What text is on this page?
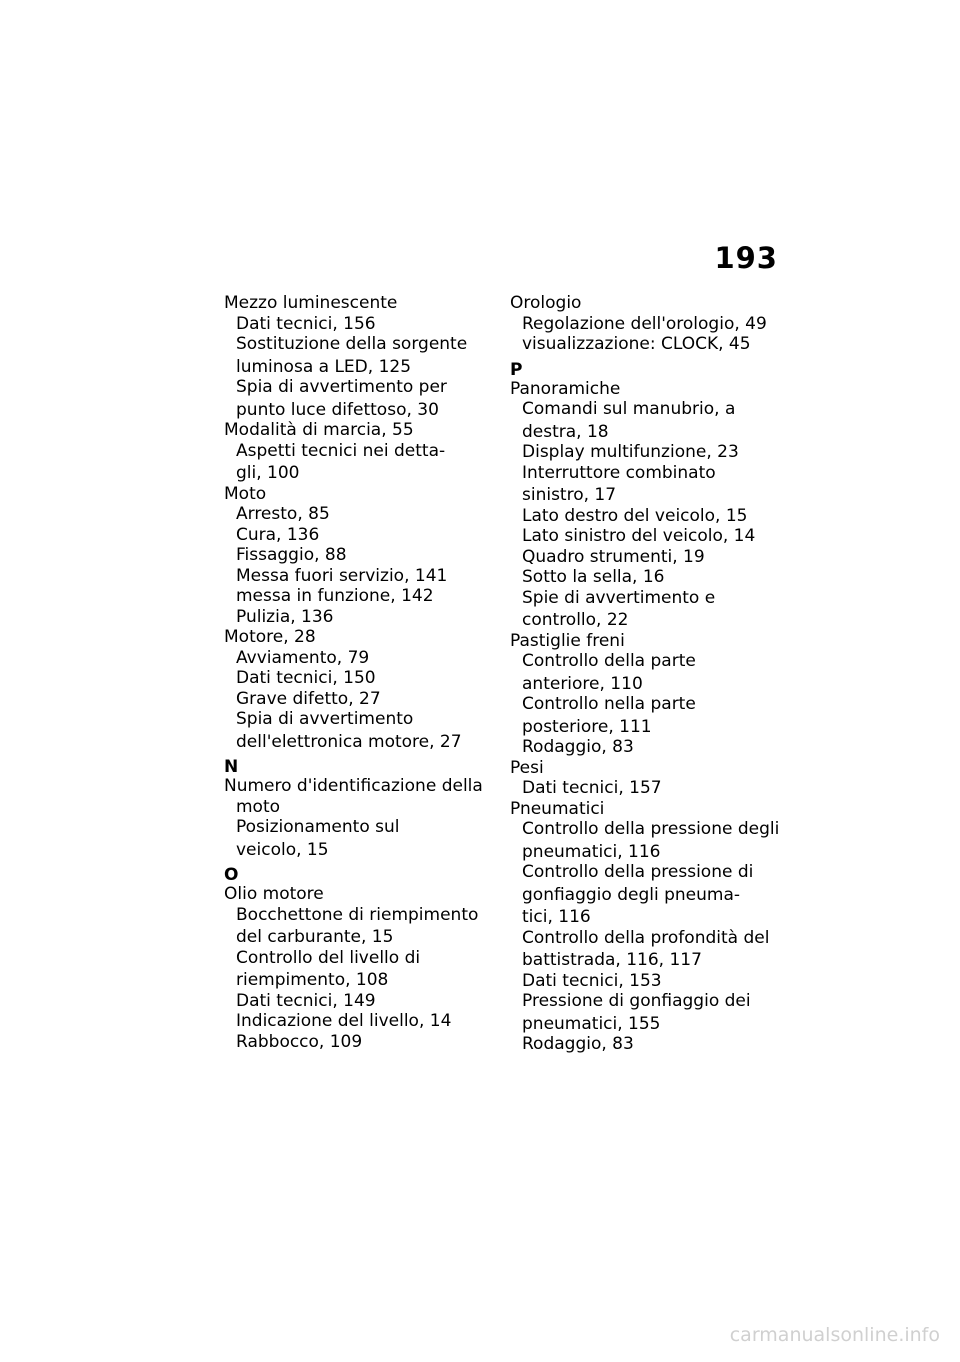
193
Mezzo luminescente
Dati tecnici, 156
Sostituzione della sorgente
luminosa a LED, 125
Spia di avvertimento per
punto luce difettoso, 30
Modalità di marcia, 55
Aspetti tecnici nei detta-
gli, 100
Moto
Arresto, 85
Cura, 136
Fissaggio, 88
Messa fuori servizio, 141
messa in funzione, 142
Pulizia, 136
Motore, 28
Avviamento, 79
Dati tecnici, 150
Grave difetto, 27
Spia di avvertimento
dell'elettronica motore, 27
N
Numero d'identificazione della
moto
Posizionamento sul
veicolo, 15
O
Olio motore
Bocchettone di riempimento
del carburante, 15
Controllo del livello di
riempimento, 108
Dati tecnici, 149
Indicazione del livello, 14
Rabbocco, 109
Orologio
Regolazione dell'orologio, 49
visualizzazione: CLOCK, 45
P
Panoramiche
Comandi sul manubrio, a
destra, 18
Display multifunzione, 23
Interruttore combinato
sinistro, 17
Lato destro del veicolo, 15
Lato sinistro del veicolo, 14
Quadro strumenti, 19
Sotto la sella, 16
Spie di avvertimento e
controllo, 22
Pastiglie freni
Controllo della parte
anteriore, 110
Controllo nella parte
posteriore, 111
Rodaggio, 83
Pesi
Dati tecnici, 157
Pneumatici
Controllo della pressione degli
pneumatici, 116
Controllo della pressione di
gonfiaggio degli pneuma-
tici, 116
Controllo della profondità del
battistrada, 116, 117
Dati tecnici, 153
Pressione di gonfiaggio dei
pneumatici, 155
Rodaggio, 83
carmanualsonline.info
